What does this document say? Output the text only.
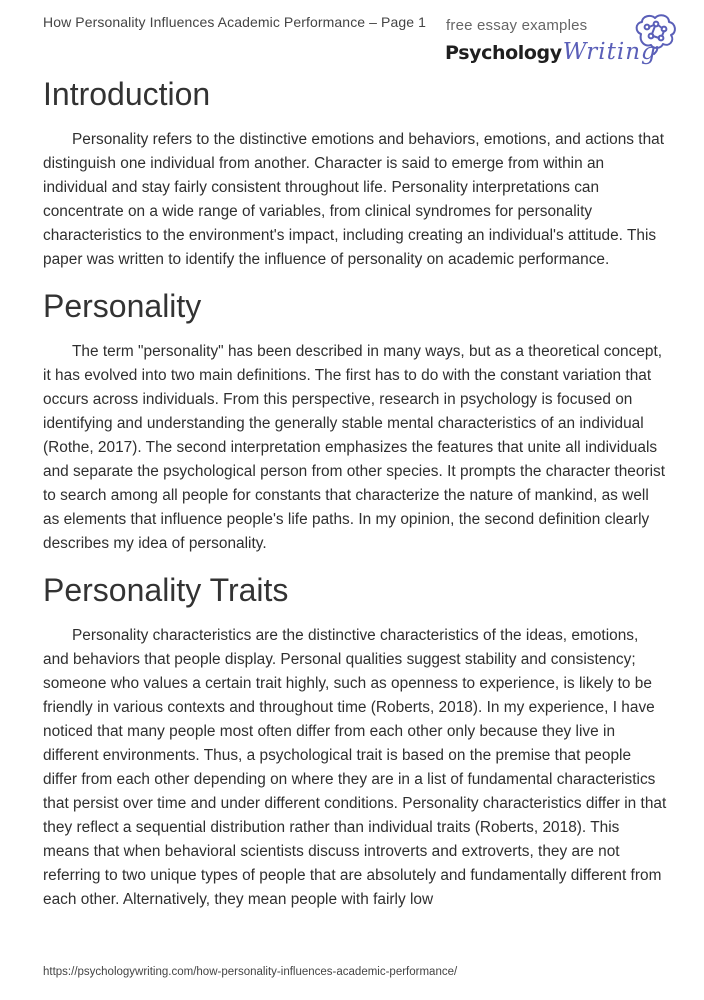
How Personality Influences Academic Performance – Page 1 free essay examples
PsychologyWriting
Introduction

Personality refers to the distinctive emotions and behaviors, emotions, and actions that distinguish one individual from another. Character is said to emerge from within an individual and stay fairly consistent throughout life. Personality interpretations can concentrate on a wide range of variables, from clinical syndromes for personality characteristics to the environment's impact, including creating an individual's attitude. This paper was written to identify the influence of personality on academic performance.

Personality

The term "personality" has been described in many ways, but as a theoretical concept, it has evolved into two main definitions. The first has to do with the constant variation that occurs across individuals. From this perspective, research in psychology is focused on identifying and understanding the generally stable mental characteristics of an individual (Rothe, 2017). The second interpretation emphasizes the features that unite all individuals and separate the psychological person from other species. It prompts the character theorist to search among all people for constants that characterize the nature of mankind, as well as elements that influence people's life paths. In my opinion, the second definition clearly describes my idea of personality.

Personality Traits

Personality characteristics are the distinctive characteristics of the ideas, emotions, and behaviors that people display. Personal qualities suggest stability and consistency; someone who values a certain trait highly, such as openness to experience, is likely to be friendly in various contexts and throughout time (Roberts, 2018). In my experience, I have noticed that many people most often differ from each other only because they live in different environments. Thus, a psychological trait is based on the premise that people differ from each other depending on where they are in a list of fundamental characteristics that persist over time and under different conditions. Personality characteristics differ in that they reflect a sequential distribution rather than individual traits (Roberts, 2018). This means that when behavioral scientists discuss introverts and extroverts, they are not referring to two unique types of people that are absolutely and fundamentally different from each other. Alternatively, they mean people with fairly low

https://psychologywriting.com/how-personality-influences-academic-performance/
